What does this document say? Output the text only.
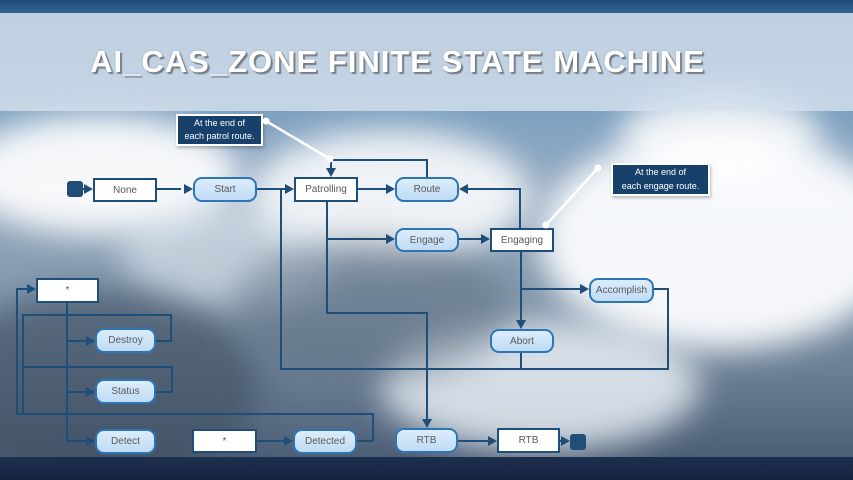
AI_CAS_ZONE FINITE STATE MACHINE
None	Start	Patrolling	Route
Engage	Engaging
Accomplish
Abort
*
Destroy
Status
Detect	*	Detected	RTB	RTB
At the end of
each patrol route.
At the end of
each engage route.
